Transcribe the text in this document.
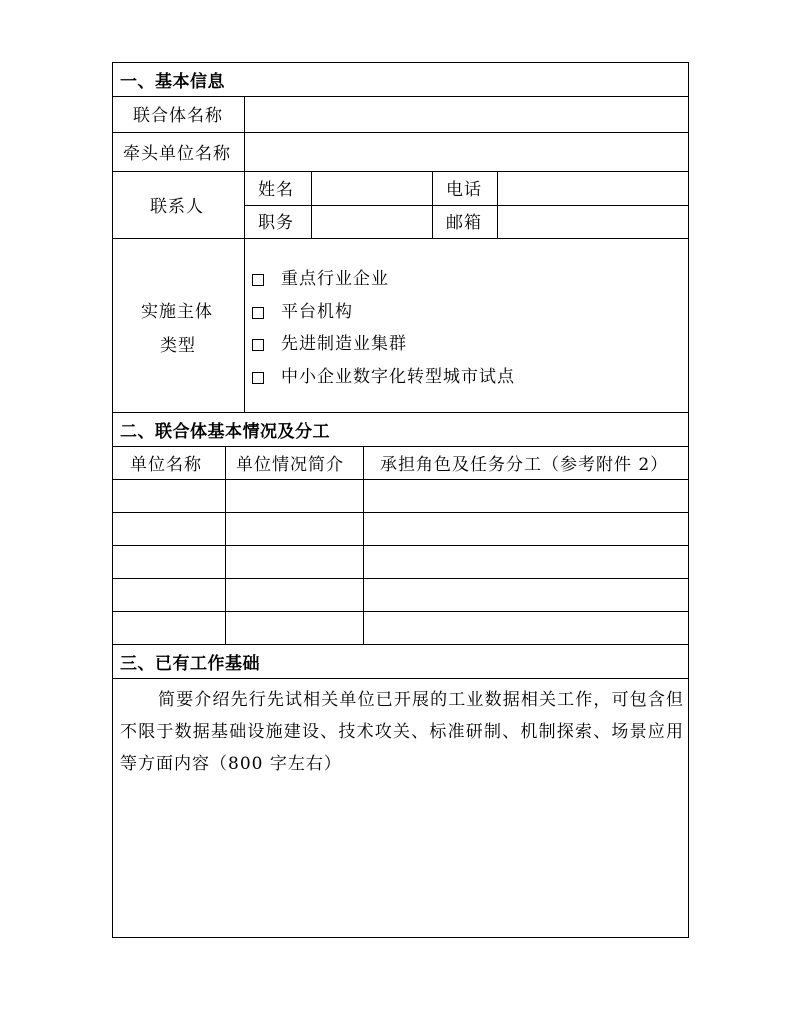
一、基本信息
联合体名称
牵头单位名称
联系人
姓名	电话
职务	邮箱
实施主体
类型
重点行业企业
平台机构
先进制造业集群
中小企业数字化转型城市试点
二、联合体基本情况及分工
单位名称 单位情况简介 承担角色及任务分工（参考附件 2）
三、已有工作基础
简要介绍先行先试相关单位已开展的工业数据相关工作，可包含但不限于数据基础设施建设、技术攻关、标准研制、机制探索、场景应用等方面内容（800 字左右）
